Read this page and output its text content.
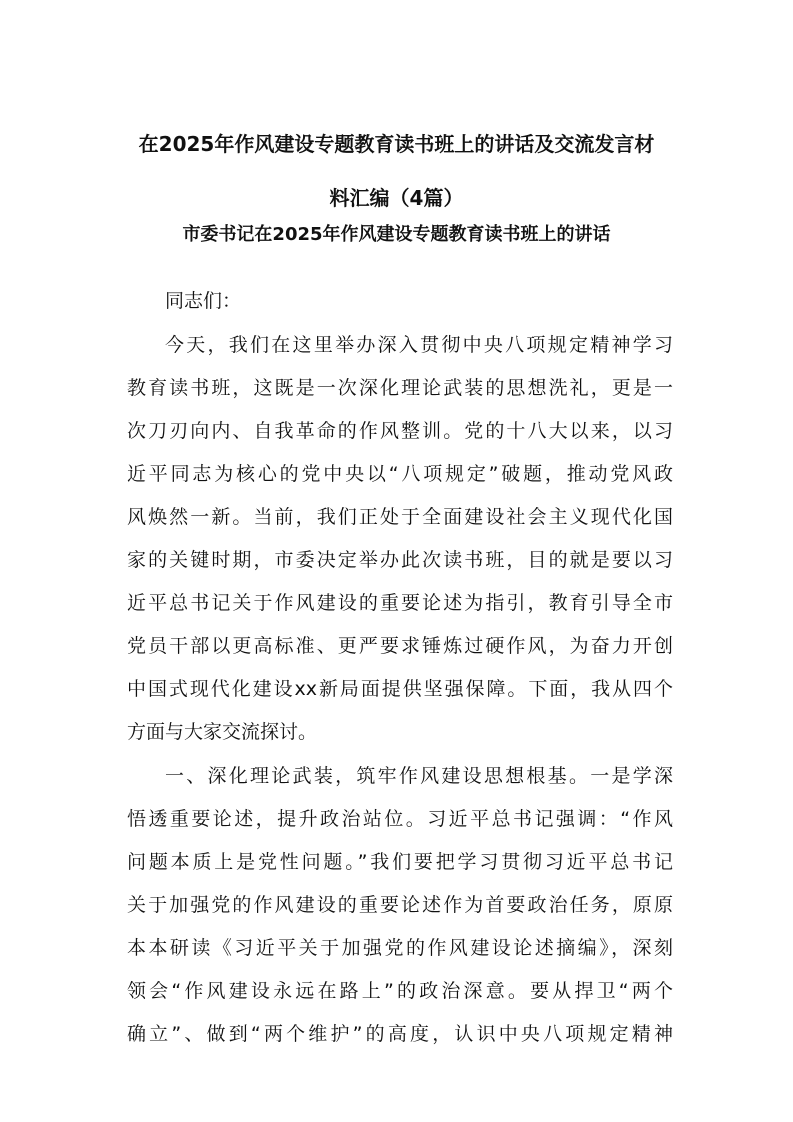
在2025年作风建设专题教育读书班上的讲话及交流发言材
料汇编（4篇）
市委书记在2025年作风建设专题教育读书班上的讲话

同志们：

今天，我们在这里举办深入贯彻中央八项规定精神学习

教育读书班，这既是一次深化理论武装的思想洗礼，更是一

次刀刃向内、自我革命的作风整训。党的十八大以来，以习

近平同志为核心的党中央以“八项规定”破题，推动党风政

风焕然一新。当前，我们正处于全面建设社会主义现代化国

家的关键时期，市委决定举办此次读书班，目的就是要以习

近平总书记关于作风建设的重要论述为指引，教育引导全市

党员干部以更高标准、更严要求锤炼过硬作风，为奋力开创

中国式现代化建设xx新局面提供坚强保障。下面，我从四个

方面与大家交流探讨。

一、深化理论武装，筑牢作风建设思想根基。一是学深

悟透重要论述，提升政治站位。习近平总书记强调：“作风

问题本质上是党性问题。”我们要把学习贯彻习近平总书记

关于加强党的作风建设的重要论述作为首要政治任务，原原

本本研读《习近平关于加强党的作风建设论述摘编》，深刻

领会“作风建设永远在路上”的政治深意。要从捍卫“两个

确立”、做到“两个维护”的高度，认识中央八项规定精神
